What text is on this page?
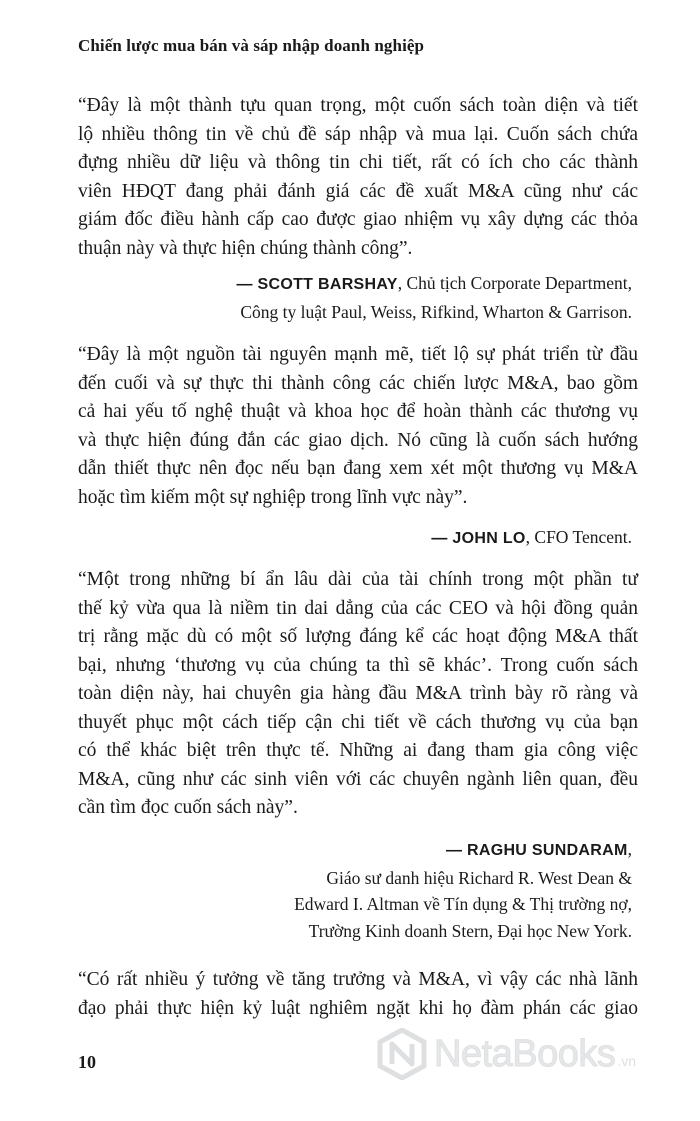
Chiến lược mua bán và sáp nhập doanh nghiệp
“Đây là một thành tựu quan trọng, một cuốn sách toàn diện và tiết
lộ nhiều thông tin về chủ đề sáp nhập và mua lại. Cuốn sách chứa
đựng nhiều dữ liệu và thông tin chi tiết, rất có ích cho các thành
viên HĐQT đang phải đánh giá các đề xuất M&A cũng như các
giám đốc điều hành cấp cao được giao nhiệm vụ xây dựng các thỏa
thuận này và thực hiện chúng thành công”.
— SCOTT BARSHAY, Chủ tịch Corporate Department,
Công ty luật Paul, Weiss, Rifkind, Wharton & Garrison.
“Đây là một nguồn tài nguyên mạnh mẽ, tiết lộ sự phát triển từ đầu
đến cuối và sự thực thi thành công các chiến lược M&A, bao gồm
cả hai yếu tố nghệ thuật và khoa học để hoàn thành các thương vụ
và thực hiện đúng đắn các giao dịch. Nó cũng là cuốn sách hướng
dẫn thiết thực nên đọc nếu bạn đang xem xét một thương vụ M&A
hoặc tìm kiếm một sự nghiệp trong lĩnh vực này”.
— JOHN LO, CFO Tencent.
“Một trong những bí ẩn lâu dài của tài chính trong một phần tư
thế kỷ vừa qua là niềm tin dai dẳng của các CEO và hội đồng quản
trị rằng mặc dù có một số lượng đáng kể các hoạt động M&A thất
bại, nhưng ‘thương vụ của chúng ta thì sẽ khác’. Trong cuốn sách
toàn diện này, hai chuyên gia hàng đầu M&A trình bày rõ ràng và
thuyết phục một cách tiếp cận chi tiết về cách thương vụ của bạn
có thể khác biệt trên thực tế. Những ai đang tham gia công việc
M&A, cũng như các sinh viên với các chuyên ngành liên quan, đều
cần tìm đọc cuốn sách này”.
— RAGHU SUNDARAM,
Giáo sư danh hiệu Richard R. West Dean &
Edward I. Altman về Tín dụng & Thị trường nợ,
Trường Kinh doanh Stern, Đại học New York.
“Có rất nhiều ý tưởng về tăng trưởng và M&A, vì vậy các nhà lãnh
đạo phải thực hiện kỷ luật nghiêm ngặt khi họ đàm phán các giao
10	NetaBooks .vn
